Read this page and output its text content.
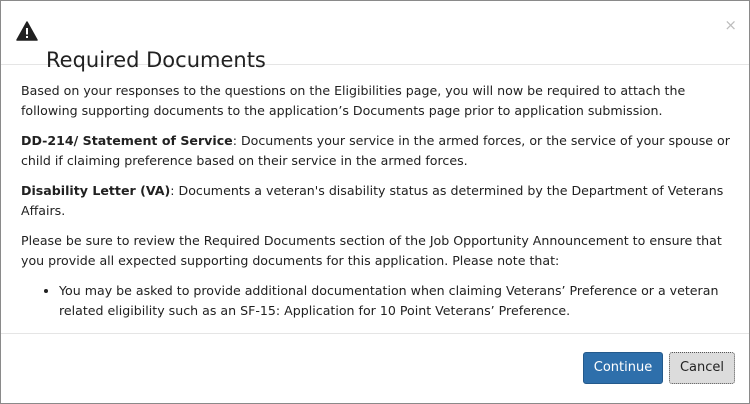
Required Documents
×

Based on your responses to the questions on the Eligibilities page, you will now be required to attach the following supporting documents to the application’s Documents page prior to application submission.

DD-214/ Statement of Service: Documents your service in the armed forces, or the service of your spouse or child if claiming preference based on their service in the armed forces.

Disability Letter (VA): Documents a veteran's disability status as determined by the Department of Veterans Affairs.

Please be sure to review the Required Documents section of the Job Opportunity Announcement to ensure that you provide all expected supporting documents for this application. Please note that:

• You may be asked to provide additional documentation when claiming Veterans’ Preference or a veteran related eligibility such as an SF-15: Application for 10 Point Veterans’ Preference.
Continue	Cancel
